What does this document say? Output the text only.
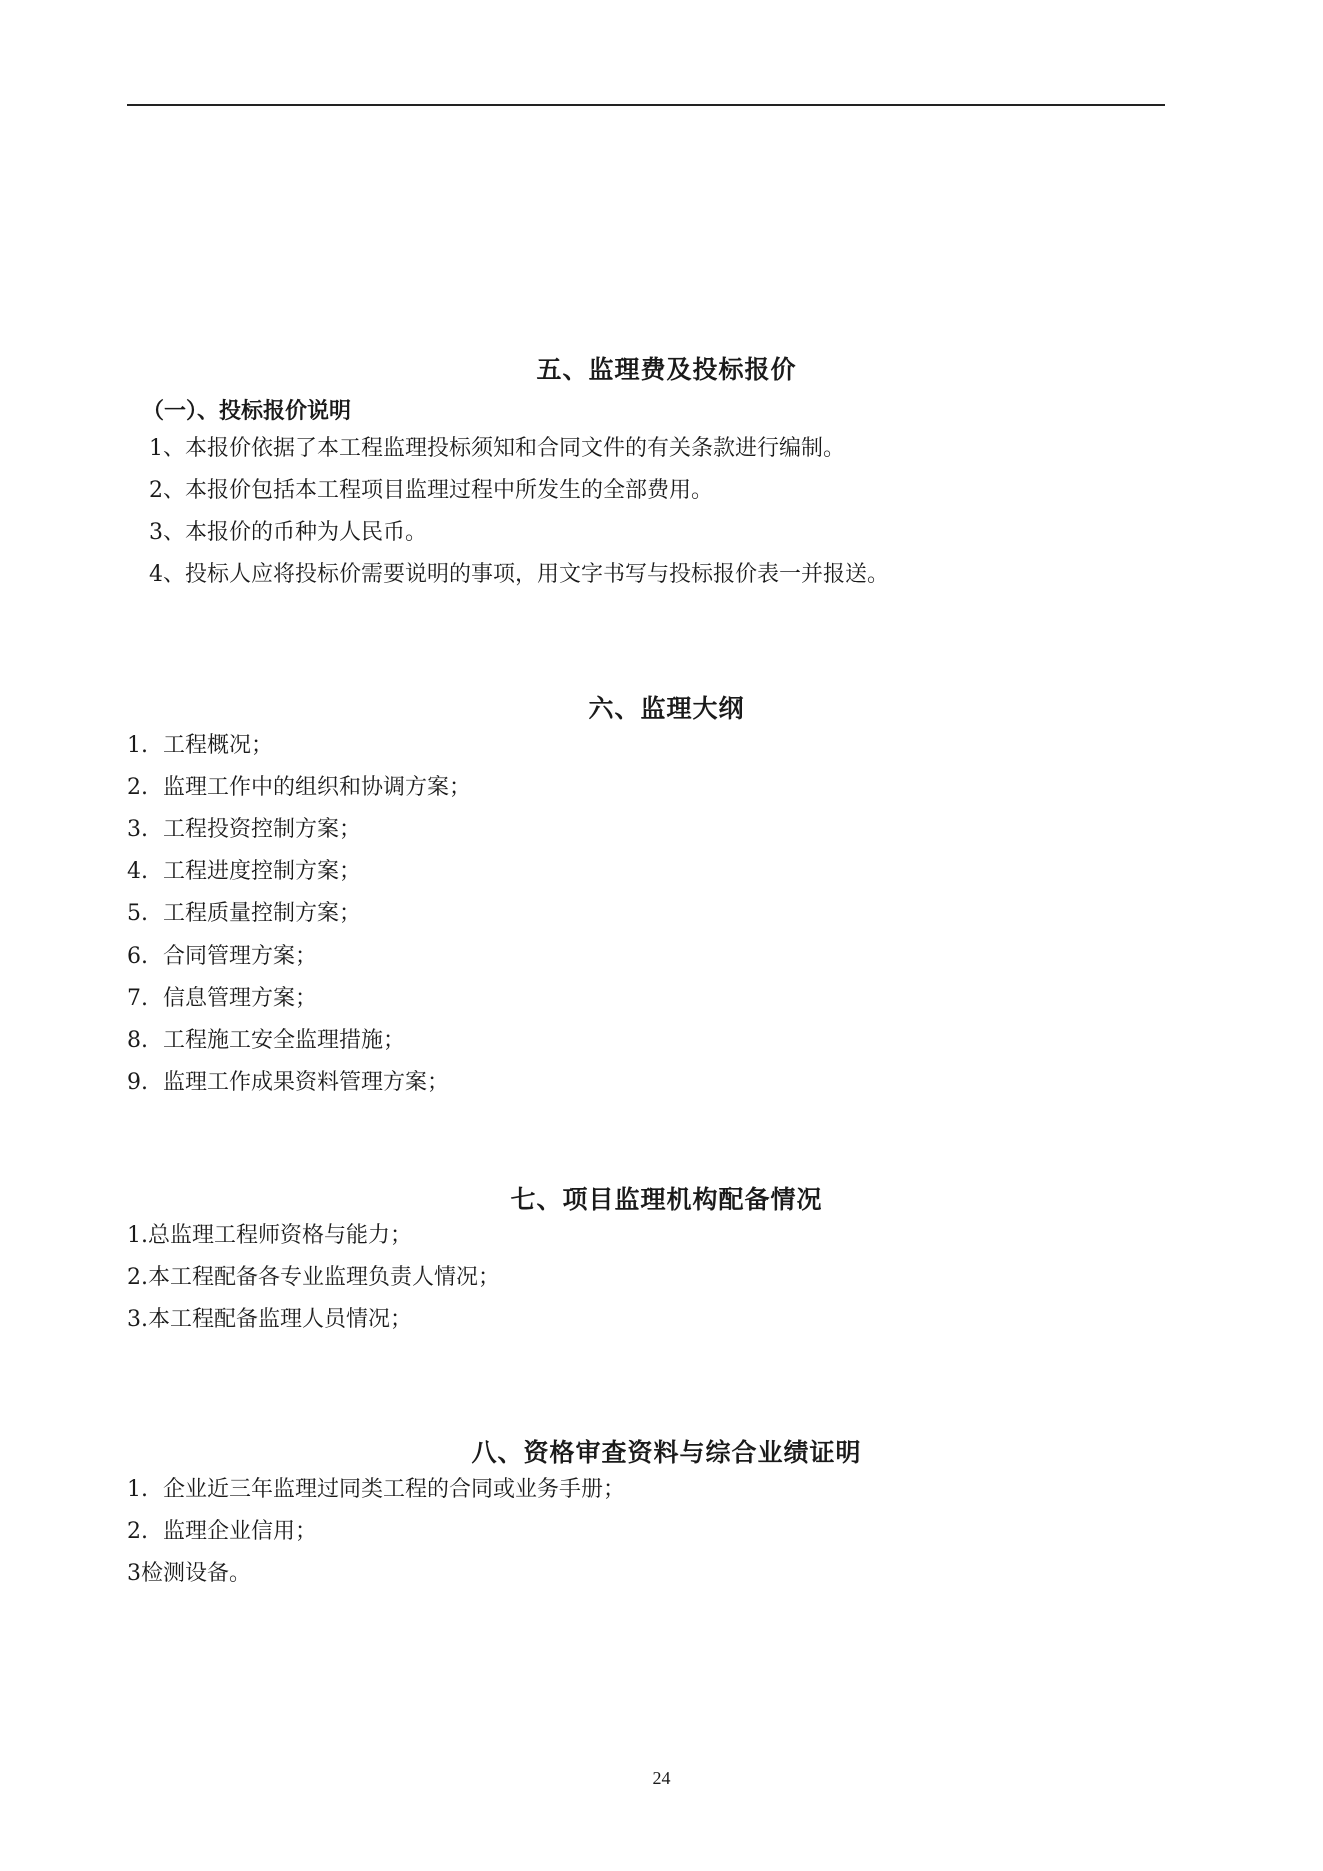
五、监理费及投标报价
（一）、投标报价说明
1、本报价依据了本工程监理投标须知和合同文件的有关条款进行编制。
2、本报价包括本工程项目监理过程中所发生的全部费用。
3、本报价的币种为人民币。
4、投标人应将投标价需要说明的事项，用文字书写与投标报价表一并报送。
六、监理大纲
1. 工程概况；
2. 监理工作中的组织和协调方案；
3. 工程投资控制方案；
4. 工程进度控制方案；
5. 工程质量控制方案；
6. 合同管理方案；
7. 信息管理方案；
8. 工程施工安全监理措施；
9. 监理工作成果资料管理方案；
七、项目监理机构配备情况
1.总监理工程师资格与能力；
2.本工程配备各专业监理负责人情况；
3.本工程配备监理人员情况；
八、资格审查资料与综合业绩证明
1. 企业近三年监理过同类工程的合同或业务手册；
2. 监理企业信用；
3检测设备。
24
